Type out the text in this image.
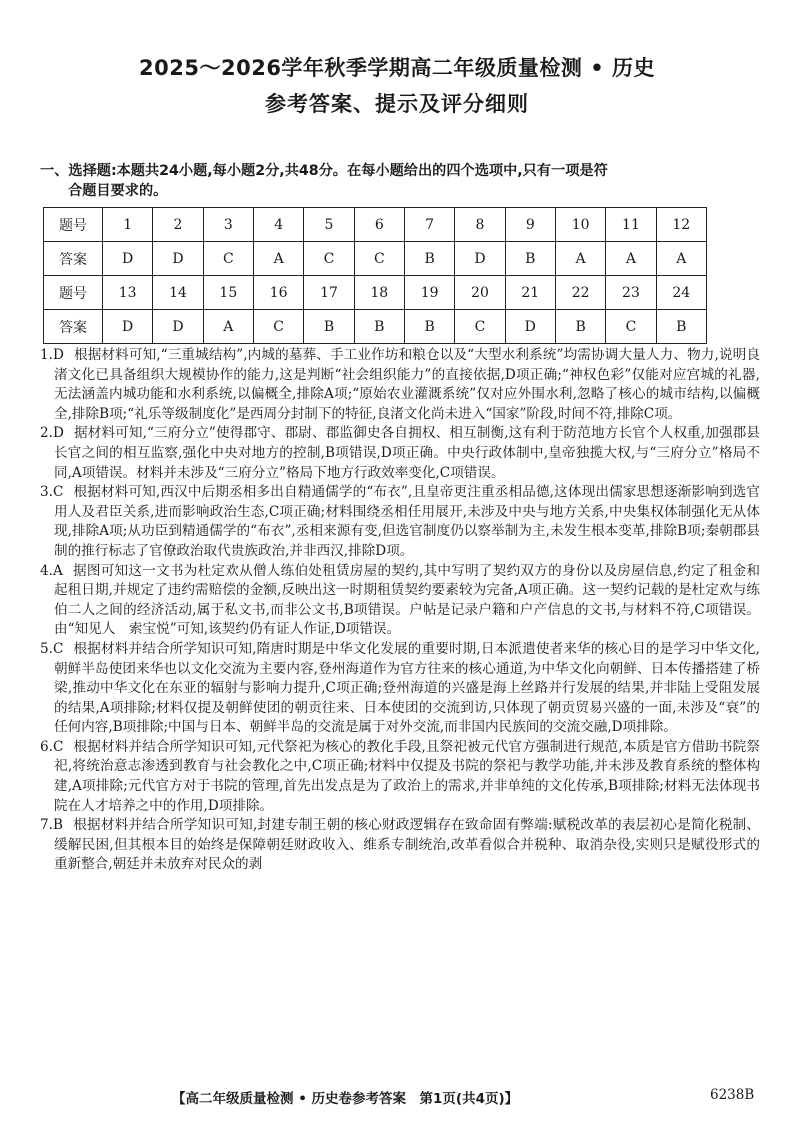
2025～2026学年秋季学期高二年级质量检测 • 历史
参考答案、提示及评分细则
一、选择题:本题共24小题,每小题2分,共48分。在每小题给出的四个选项中,只有一项是符
合题目要求的。
题号	1	2	3	4	5	6	7	8	9	10	11	12
答案	D	D	C	A	C	C	B	D	B	A	A	A
题号	13	14	15	16	17	18	19	20	21	22	23	24
答案	D	D	A	C	B	B	B	C	D	B	C	B
1.D 根据材料可知,“三重城结构”,内城的墓葬、手工业作坊和粮仓以及“大型水利系统”均需协调大量人力、物力,说明良渚文化已具备组织大规模协作的能力,这是判断“社会组织能力”的直接依据,D项正确;“神权色彩”仅能对应宫城的礼器,无法涵盖内城功能和水利系统,以偏概全,排除A项;“原始农业灌溉系统”仅对应外围水利,忽略了核心的城市结构,以偏概全,排除B项;“礼乐等级制度化”是西周分封制下的特征,良渚文化尚未进入“国家”阶段,时间不符,排除C项。
2.D 据材料可知,“三府分立”使得郡守、郡尉、郡监御史各自拥权、相互制衡,这有利于防范地方长官个人权重,加强郡县长官之间的相互监察,强化中央对地方的控制,B项错误,D项正确。中央行政体制中,皇帝独揽大权,与“三府分立”格局不同,A项错误。材料并未涉及“三府分立”格局下地方行政效率变化,C项错误。
3.C 根据材料可知,西汉中后期丞相多出自精通儒学的“布衣”,且皇帝更注重丞相品德,这体现出儒家思想逐渐影响到选官用人及君臣关系,进而影响政治生态,C项正确;材料围绕丞相任用展开,未涉及中央与地方关系,中央集权体制强化无从体现,排除A项;从功臣到精通儒学的“布衣”,丞相来源有变,但选官制度仍以察举制为主,未发生根本变革,排除B项;秦朝郡县制的推行标志了官僚政治取代贵族政治,并非西汉,排除D项。
4.A 据图可知这一文书为杜定欢从僧人练伯处租赁房屋的契约,其中写明了契约双方的身份以及房屋信息,约定了租金和起租日期,并规定了违约需赔偿的金额,反映出这一时期租赁契约要素较为完备,A项正确。这一契约记载的是杜定欢与练伯二人之间的经济活动,属于私文书,而非公文书,B项错误。户帖是记录户籍和户产信息的文书,与材料不符,C项错误。由“知见人　索宝悦”可知,该契约仍有证人作证,D项错误。
5.C 根据材料并结合所学知识可知,隋唐时期是中华文化发展的重要时期,日本派遣使者来华的核心目的是学习中华文化,朝鲜半岛使团来华也以文化交流为主要内容,登州海道作为官方往来的核心通道,为中华文化向朝鲜、日本传播搭建了桥梁,推动中华文化在东亚的辐射与影响力提升,C项正确;登州海道的兴盛是海上丝路并行发展的结果,并非陆上受阻发展的结果,A项排除;材料仅提及朝鲜使团的朝贡往来、日本使团的交流到访,只体现了朝贡贸易兴盛的一面,未涉及“衰”的任何内容,B项排除;中国与日本、朝鲜半岛的交流是属于对外交流,而非国内民族间的交流交融,D项排除。
6.C 根据材料并结合所学知识可知,元代祭祀为核心的教化手段,且祭祀被元代官方强制进行规范,本质是官方借助书院祭祀,将统治意志渗透到教育与社会教化之中,C项正确;材料中仅提及书院的祭祀与教学功能,并未涉及教育系统的整体构建,A项排除;元代官方对于书院的管理,首先出发点是为了政治上的需求,并非单纯的文化传承,B项排除;材料无法体现书院在人才培养之中的作用,D项排除。
7.B 根据材料并结合所学知识可知,封建专制王朝的核心财政逻辑存在致命固有弊端:赋税改革的表层初心是简化税制、缓解民困,但其根本目的始终是保障朝廷财政收入、维系专制统治,改革看似合并税种、取消杂役,实则只是赋役形式的重新整合,朝廷并未放弃对民众的剥
【高二年级质量检测 • 历史卷参考答案　第1页(共4页)】	6238B
